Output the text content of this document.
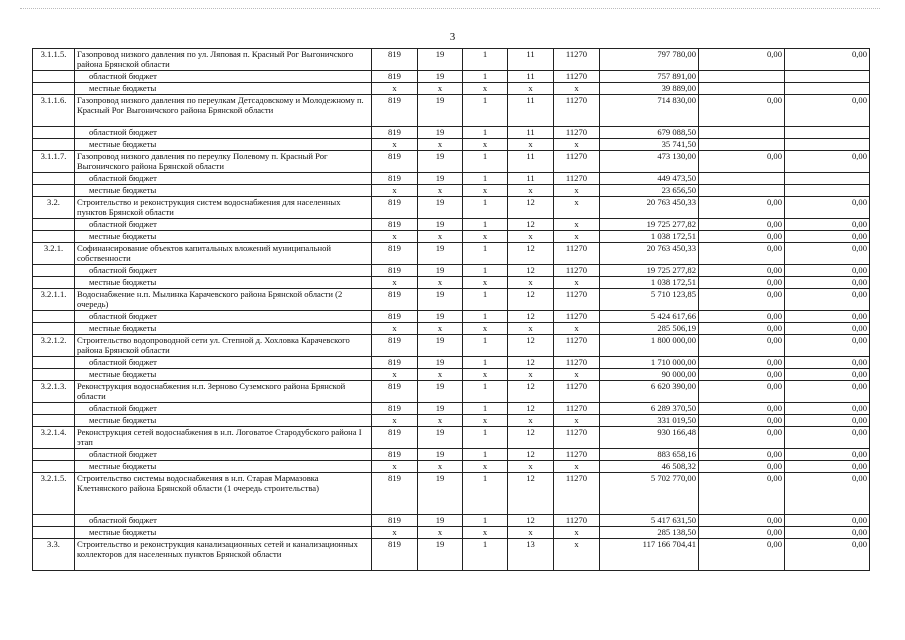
3
3.1.1.5.	Газопровод низкого давления по ул. Ляповая п. Красный Рог Выгоничского района Брянской области	819	19	1	11	11270	797 780,00	0,00	0,00
	областной бюджет	819	19	1	11	11270	757 891,00		
	местные бюджеты	x	x	x	x	x	39 889,00		
3.1.1.6.	Газопровод низкого давления по переулкам Детсадовскому и Молодежному п. Красный Рог Выгоничского района Брянской области	819	19	1	11	11270	714 830,00	0,00	0,00
	областной бюджет	819	19	1	11	11270	679 088,50		
	местные бюджеты	x	x	x	x	x	35 741,50		
3.1.1.7.	Газопровод низкого давления по переулку Полевому п. Красный Рог Выгоничского района Брянской области	819	19	1	11	11270	473 130,00	0,00	0,00
	областной бюджет	819	19	1	11	11270	449 473,50		
	местные бюджеты	x	x	x	x	x	23 656,50		
3.2.	Строительство и реконструкция систем водоснабжения для населенных пунктов Брянской области	819	19	1	12	x	20 763 450,33	0,00	0,00
	областной бюджет	819	19	1	12	x	19 725 277,82	0,00	0,00
	местные бюджеты	x	x	x	x	x	1 038 172,51	0,00	0,00
3.2.1.	Софинансирование объектов капитальных вложений муниципальной собственности	819	19	1	12	11270	20 763 450,33	0,00	0,00
	областной бюджет	819	19	1	12	11270	19 725 277,82	0,00	0,00
	местные бюджеты	x	x	x	x	x	1 038 172,51	0,00	0,00
3.2.1.1.	Водоснабжение н.п. Мылинка Карачевского района Брянской области (2 очередь)	819	19	1	12	11270	5 710 123,85	0,00	0,00
	областной бюджет	819	19	1	12	11270	5 424 617,66	0,00	0,00
	местные бюджеты	x	x	x	x	x	285 506,19	0,00	0,00
3.2.1.2.	Строительство водопроводной сети ул. Степной д. Хохловка Карачевского района Брянской области	819	19	1	12	11270	1 800 000,00	0,00	0,00
	областной бюджет	819	19	1	12	11270	1 710 000,00	0,00	0,00
	местные бюджеты	x	x	x	x	x	90 000,00	0,00	0,00
3.2.1.3.	Реконструкция водоснабжения н.п. Зерново Суземского района Брянской области	819	19	1	12	11270	6 620 390,00	0,00	0,00
	областной бюджет	819	19	1	12	11270	6 289 370,50	0,00	0,00
	местные бюджеты	x	x	x	x	x	331 019,50	0,00	0,00
3.2.1.4.	Реконструкция сетей водоснабжения в н.п. Логоватое Стародубского района I этап	819	19	1	12	11270	930 166,48	0,00	0,00
	областной бюджет	819	19	1	12	11270	883 658,16	0,00	0,00
	местные бюджеты	x	x	x	x	x	46 508,32	0,00	0,00
3.2.1.5.	Строительство системы водоснабжения в н.п. Старая Мармазовка Клетнянского района Брянской области (1 очередь строительства)	819	19	1	12	11270	5 702 770,00	0,00	0,00
	областной бюджет	819	19	1	12	11270	5 417 631,50	0,00	0,00
	местные бюджеты	x	x	x	x	x	285 138,50	0,00	0,00
3.3.	Строительство и реконструкция канализационных сетей и канализационных коллекторов для населенных пунктов Брянской области	819	19	1	13	x	117 166 704,41	0,00	0,00
